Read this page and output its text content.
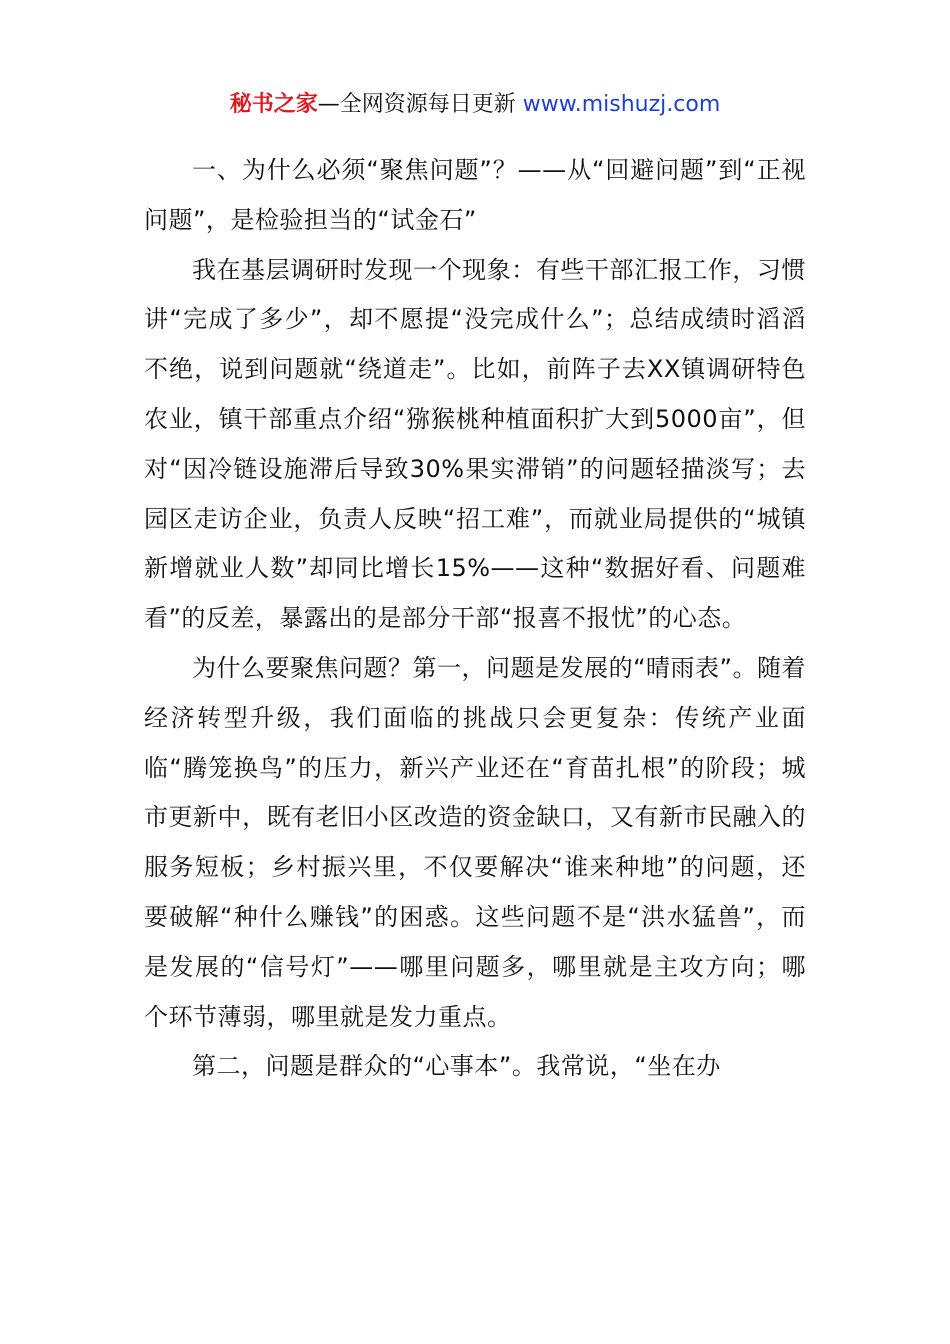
秘书之家—全网资源每日更新 www.mishuzj.com

一、为什么必须“聚焦问题”？——从“回避问题”到“正视问题”，是检验担当的“试金石”

我在基层调研时发现一个现象：有些干部汇报工作，习惯讲“完成了多少”，却不愿提“没完成什么”；总结成绩时滔滔不绝，说到问题就“绕道走”。比如，前阵子去XX镇调研特色农业，镇干部重点介绍“猕猴桃种植面积扩大到5000亩”，但对“因冷链设施滞后导致30%果实滞销”的问题轻描淡写；去园区走访企业，负责人反映“招工难”，而就业局提供的“城镇新增就业人数”却同比增长15%——这种“数据好看、问题难看”的反差，暴露出的是部分干部“报喜不报忧”的心态。

为什么要聚焦问题？第一，问题是发展的“晴雨表”。随着经济转型升级，我们面临的挑战只会更复杂：传统产业面临“腾笼换鸟”的压力，新兴产业还在“育苗扎根”的阶段；城市更新中，既有老旧小区改造的资金缺口，又有新市民融入的服务短板；乡村振兴里，不仅要解决“谁来种地”的问题，还要破解“种什么赚钱”的困惑。这些问题不是“洪水猛兽”，而是发展的“信号灯”——哪里问题多，哪里就是主攻方向；哪个环节薄弱，哪里就是发力重点。

第二，问题是群众的“心事本”。我常说，“坐在办
